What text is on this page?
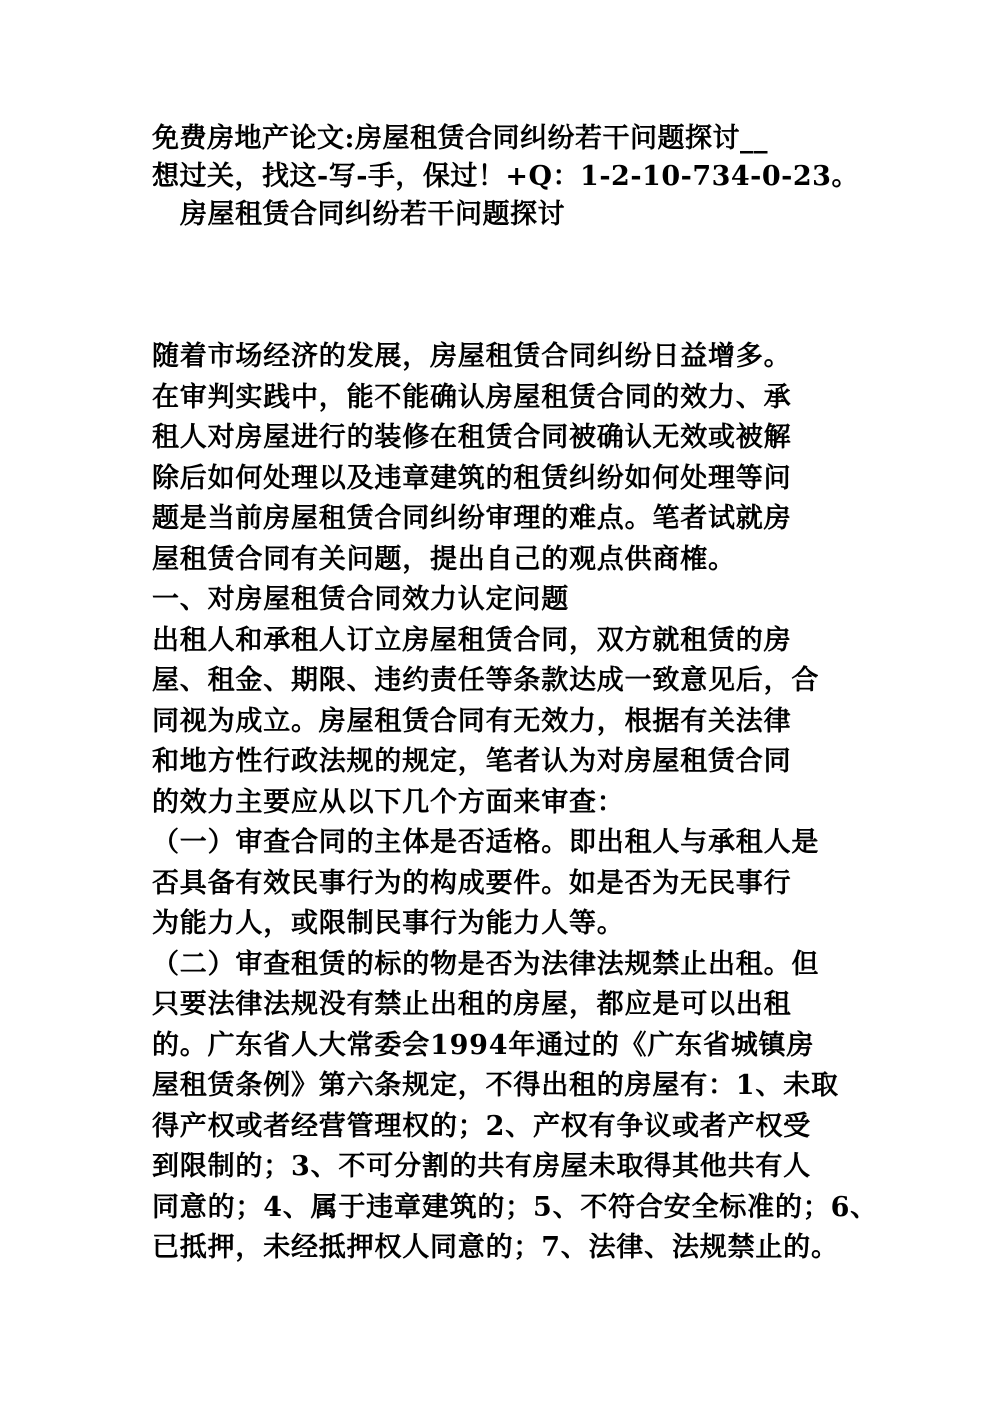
免费房地产论文:房屋租赁合同纠纷若干问题探讨__
想过关，找这-写-手，保过！+Q：1-2-10-734-0-23。
房屋租赁合同纠纷若干问题探讨
随着市场经济的发展，房屋租赁合同纠纷日益增多。
在审判实践中，能不能确认房屋租赁合同的效力、承
租人对房屋进行的装修在租赁合同被确认无效或被解
除后如何处理以及违章建筑的租赁纠纷如何处理等问
题是当前房屋租赁合同纠纷审理的难点。笔者试就房
屋租赁合同有关问题，提出自己的观点供商榷。
一、对房屋租赁合同效力认定问题
出租人和承租人订立房屋租赁合同，双方就租赁的房
屋、租金、期限、违约责任等条款达成一致意见后，合
同视为成立。房屋租赁合同有无效力，根据有关法律
和地方性行政法规的规定，笔者认为对房屋租赁合同
的效力主要应从以下几个方面来审查：
（一）审查合同的主体是否适格。即出租人与承租人是
否具备有效民事行为的构成要件。如是否为无民事行
为能力人，或限制民事行为能力人等。
（二）审查租赁的标的物是否为法律法规禁止出租。但
只要法律法规没有禁止出租的房屋，都应是可以出租
的。广东省人大常委会1994年通过的《广东省城镇房
屋租赁条例》第六条规定，不得出租的房屋有：1、未取
得产权或者经营管理权的；2、产权有争议或者产权受
到限制的；3、不可分割的共有房屋未取得其他共有人
同意的；4、属于违章建筑的；5、不符合安全标准的；6、
已抵押，未经抵押权人同意的；7、法律、法规禁止的。
